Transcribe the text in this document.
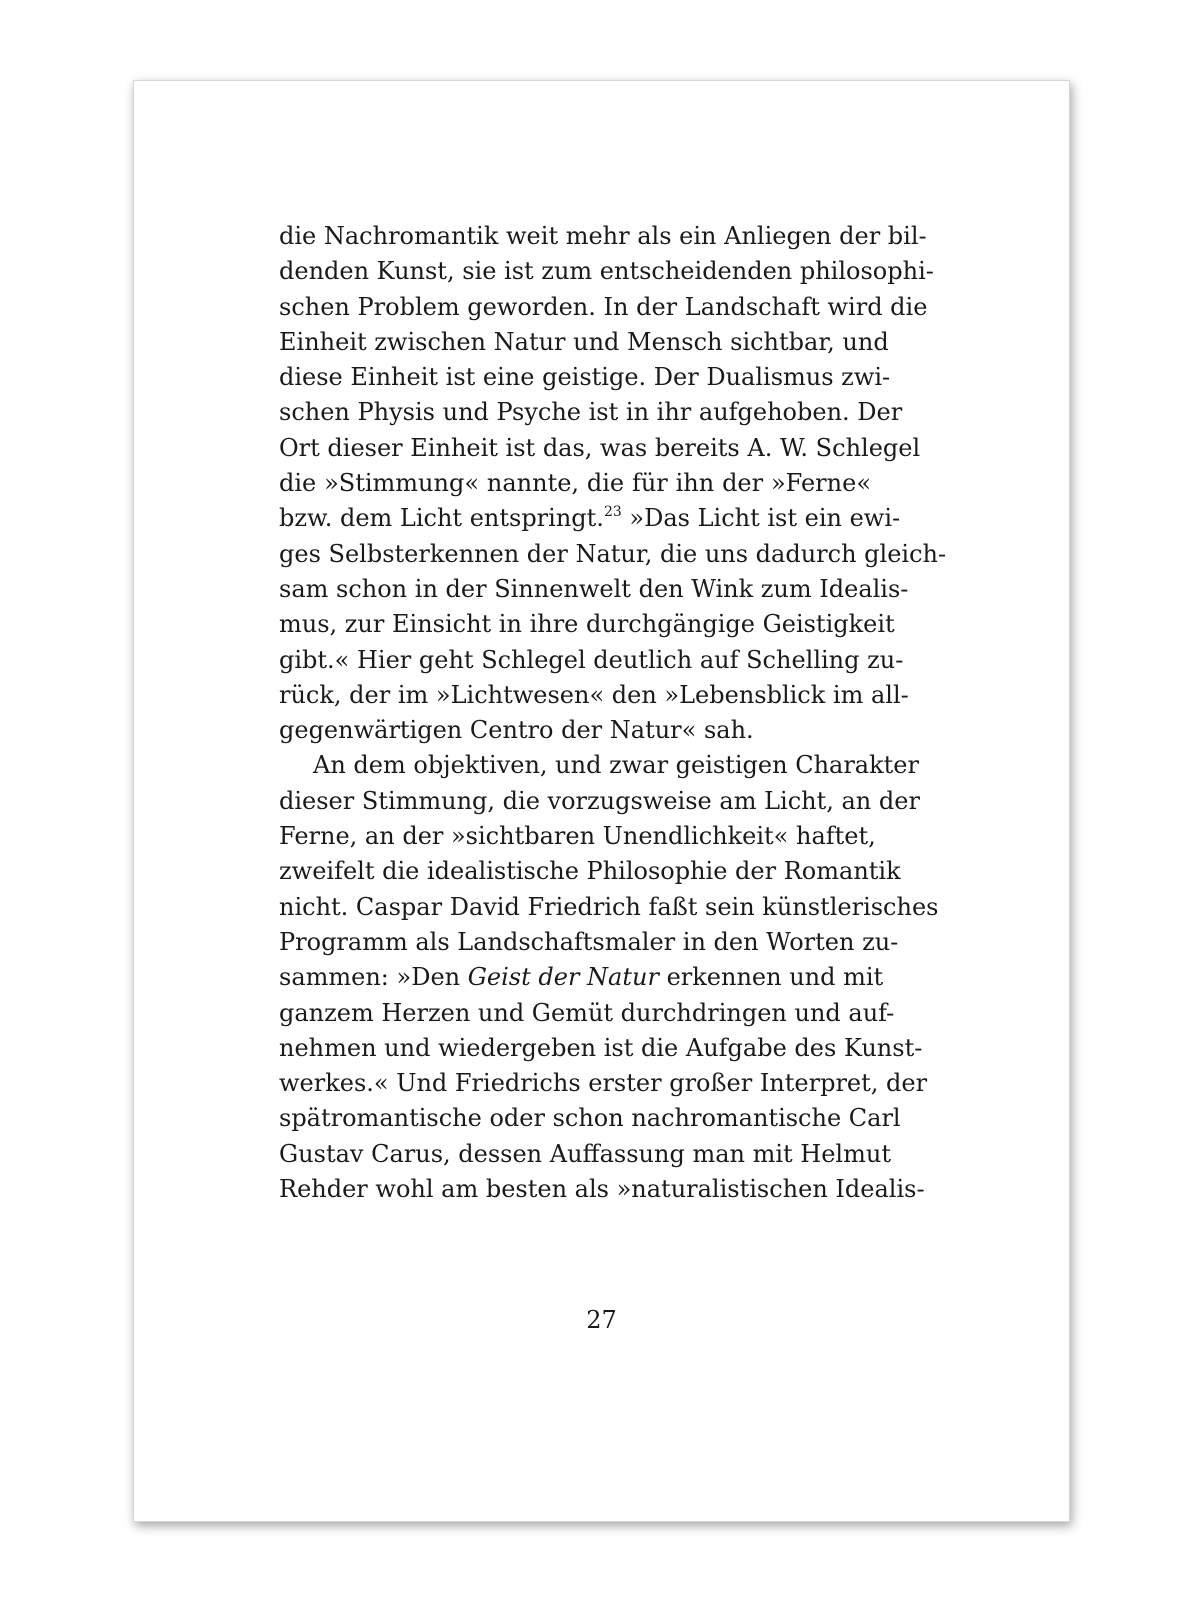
die Nachromantik weit mehr als ein Anliegen der bil-
denden Kunst, sie ist zum entscheidenden philosophi-
schen Problem geworden. In der Landschaft wird die
Einheit zwischen Natur und Mensch sichtbar, und
diese Einheit ist eine geistige. Der Dualismus zwi-
schen Physis und Psyche ist in ihr aufgehoben. Der
Ort dieser Einheit ist das, was bereits A. W. Schlegel
die »Stimmung« nannte, die für ihn der »Ferne«
bzw. dem Licht entspringt.$^{23}$ »Das Licht ist ein ewi-
ges Selbsterkennen der Natur, die uns dadurch gleich-
sam schon in der Sinnenwelt den Wink zum Idealis-
mus, zur Einsicht in ihre durchgängige Geistigkeit
gibt.« Hier geht Schlegel deutlich auf Schelling zu-
rück, der im »Lichtwesen« den »Lebensblick im all-
gegenwärtigen Centro der Natur« sah.
An dem objektiven, und zwar geistigen Charakter
dieser Stimmung, die vorzugsweise am Licht, an der
Ferne, an der »sichtbaren Unendlichkeit« haftet,
zweifelt die idealistische Philosophie der Romantik
nicht. Caspar David Friedrich faßt sein künstlerisches
Programm als Landschaftsmaler in den Worten zu-
sammen: »Den Geist der Natur erkennen und mit
ganzem Herzen und Gemüt durchdringen und auf-
nehmen und wiedergeben ist die Aufgabe des Kunst-
werkes.« Und Friedrichs erster großer Interpret, der
spätromantische oder schon nachromantische Carl
Gustav Carus, dessen Auffassung man mit Helmut
Rehder wohl am besten als »naturalistischen Idealis-
27
